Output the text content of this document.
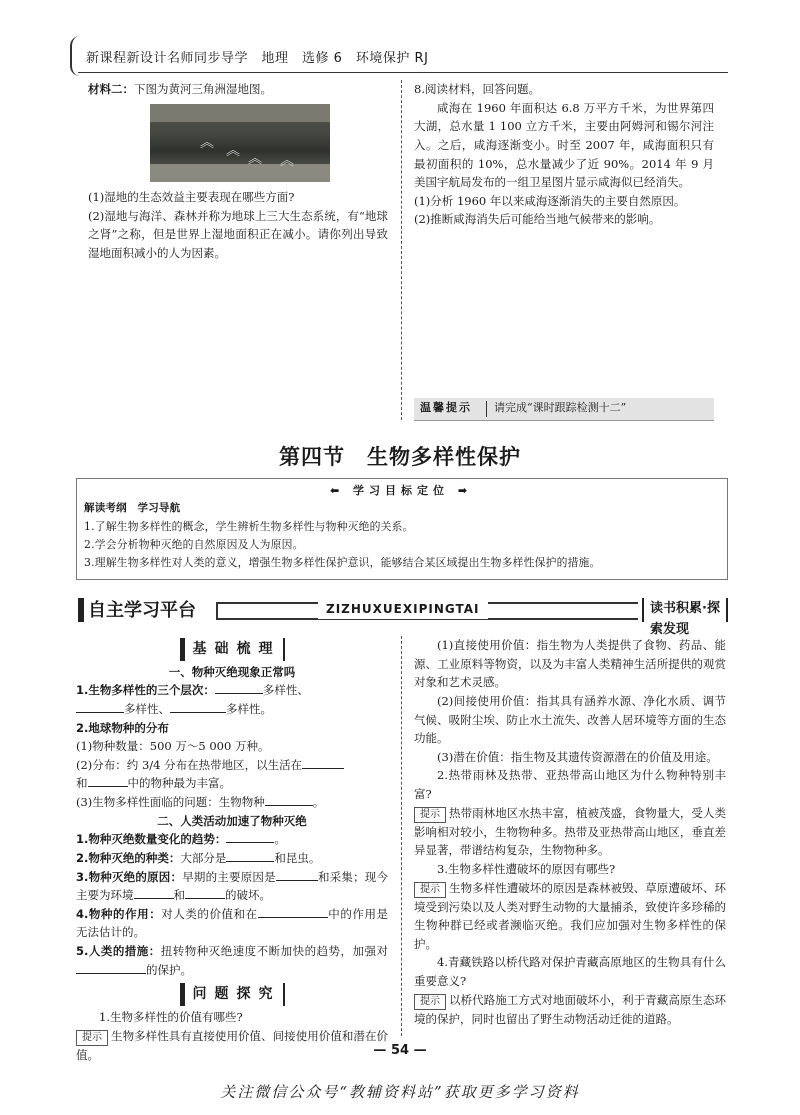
新课程新设计名师同步导学　地理　选修 6　环境保护 RJ

材料二：下图为黄河三角洲湿地图。

︽ ︽ ︽ ︽

(1)湿地的生态效益主要表现在哪些方面?

(2)湿地与海洋、森林并称为地球上三大生态系统，有“地球之肾”之称，但是世界上湿地面积正在减小。请你列出导致湿地面积减小的人为因素。

8.阅读材料，回答问题。

咸海在 1960 年面积达 6.8 万平方千米，为世界第四大湖，总水量 1 100 立方千米，主要由阿姆河和锡尔河注入。之后，咸海逐渐变小。时至 2007 年，咸海面积只有最初面积的 10%，总水量减少了近 90%。2014 年 9 月美国宇航局发布的一组卫星图片显示咸海似已经消失。

(1)分析 1960 年以来咸海逐渐消失的主要自然原因。

(2)推断咸海消失后可能给当地气候带来的影响。

温馨提示 请完成“课时跟踪检测十二”
第四节　生物多样性保护
⬅ 学习目标定位 ➡

解读考纲　学习导航

1.了解生物多样性的概念，学生辨析生物多样性与物种灭绝的关系。

2.学会分析物种灭绝的自然原因及人为原因。

3.理解生物多样性对人类的意义，增强生物多样性保护意识，能够结合某区域提出生物多样性保护的措施。

自主学习平台	ZIZHUXUEXIPINGTAI	读书积累·探索发现
基础梳理

一、物种灭绝现象正常吗

1.生物多样性的三个层次：	多样性、
多样性、	多样性。

2.地球物种的分布

(1)物种数量：500 万～5 000 万种。

(2)分布：约 3/4 分布在热带地区，以生活在
和	中的物种最为丰富。

(3)生物多样性面临的问题：生物物种	。

二、人类活动加速了物种灭绝

1.物种灭绝数量变化的趋势：	。

2.物种灭绝的种类：大部分是	和昆虫。

3.物种灭绝的原因：早期的主要原因是	和采集；现今主要为环境	和	的破坏。

4.物种的作用：对人类的价值和在	中的作用是无法估计的。

5.人类的措施：扭转物种灭绝速度不断加快的趋势，加强对的保护。

问题探究

1.生物多样性的价值有哪些?

提示 生物多样性具有直接使用价值、间接使用价值和潜在价值。

(1)直接使用价值：指生物为人类提供了食物、药品、能源、工业原料等物资，以及为丰富人类精神生活所提供的观赏对象和艺术灵感。

(2)间接使用价值：指其具有涵养水源、净化水质、调节气候、吸附尘埃、防止水土流失、改善人居环境等方面的生态功能。

(3)潜在价值：指生物及其遗传资源潜在的价值及用途。

2.热带雨林及热带、亚热带高山地区为什么物种特别丰富?

提示 热带雨林地区水热丰富，植被茂盛，食物量大，受人类影响相对较小，生物物种多。热带及亚热带高山地区，垂直差异显著，带谱结构复杂，生物物种多。

3.生物多样性遭破坏的原因有哪些?

提示 生物多样性遭破坏的原因是森林被毁、草原遭破坏、环境受到污染以及人类对野生动物的大量捕杀，致使许多珍稀的生物种群已经或者濒临灭绝。我们应加强对生物多样性的保护。

4.青藏铁路以桥代路对保护青藏高原地区的生物具有什么重要意义?

提示 以桥代路施工方式对地面破坏小，利于青藏高原生态环境的保护，同时也留出了野生动物活动迁徙的道路。

— 54 —
关注微信公众号“教辅资料站”获取更多学习资料
